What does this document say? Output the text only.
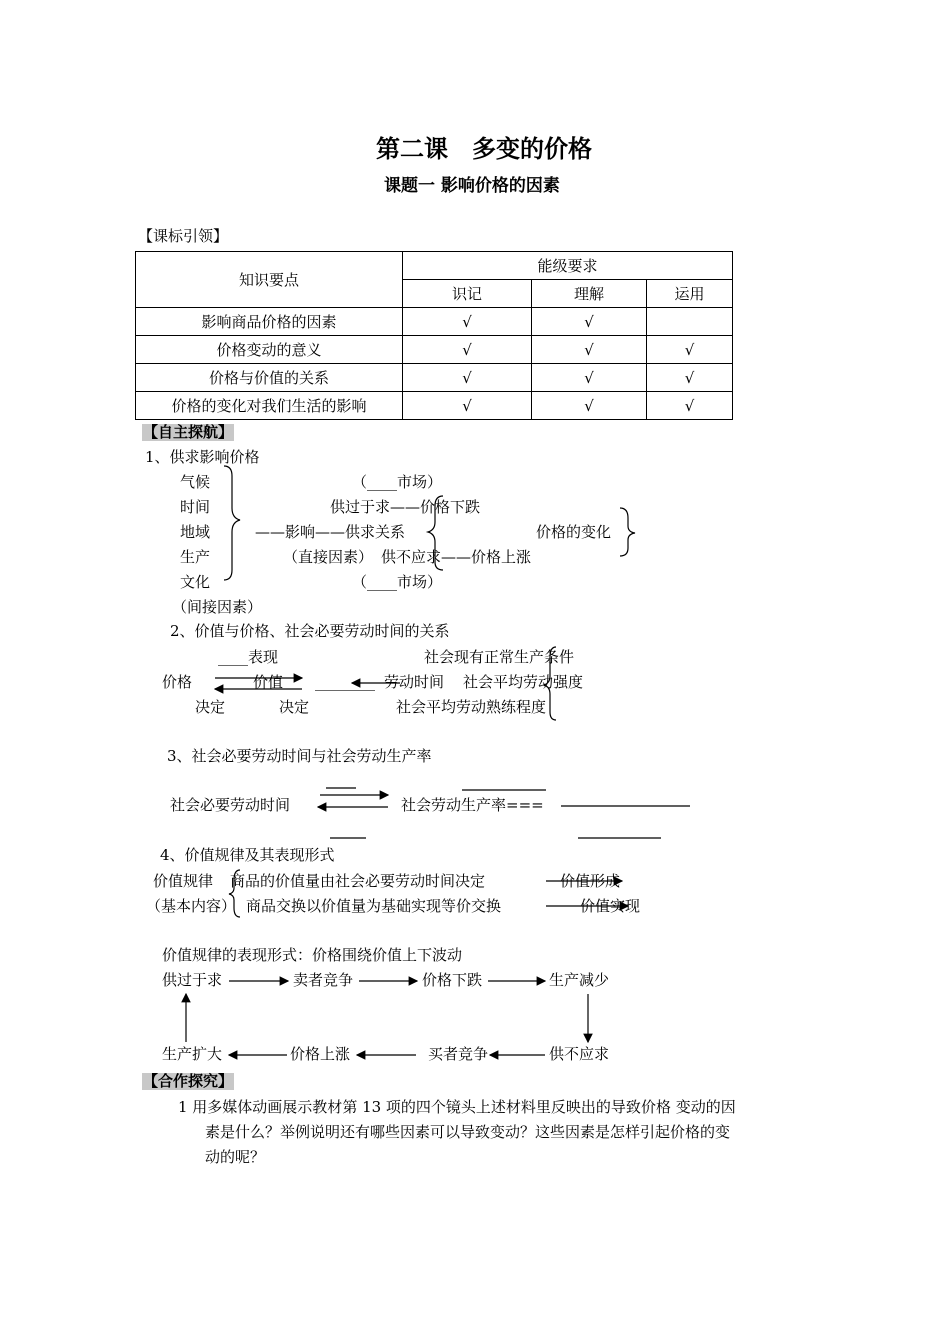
第二课　多变的价格
课题一 影响价格的因素
【课标引领】
知识要点	能级要求		
	识记	理解	运用
影响商品价格的因素	√	√	
价格变动的意义	√	√	√
价格与价值的关系	√	√	√
价格的变化对我们生活的影响	√	√	√
【自主探航】
1、供求影响价格
气候
时间
地域
生产
文化
（间接因素）
（____市场）
供过于求——价格下跌
——影响——供求关系
（直接因素） 供不应求——价格上涨
（____市场）
价格的变化
2、价值与价格、社会必要劳动时间的关系
____表现
价格	价值 ________ 劳动时间
决定	决定
社会现有正常生产条件
社会平均劳动强度
社会平均劳动熟练程度
3、社会必要劳动时间与社会劳动生产率
社会必要劳动时间	社会劳动生产率===
4、价值规律及其表现形式
价值规律
（基本内容）
商品的价值量由社会必要劳动时间决定
商品交换以价值量为基础实现等价交换
价值形成
价值实现
价值规律的表现形式：价格围绕价值上下波动
供过于求	卖者竞争	价格下跌	生产减少
供不应求
买者竞争
价格上涨
生产扩大
【合作探究】
1 用多媒体动画展示教材第 13 项的四个镜头上述材料里反映出的导致价格 变动的因
素是什么？举例说明还有哪些因素可以导致变动？这些因素是怎样引起价格的变
动的呢？
